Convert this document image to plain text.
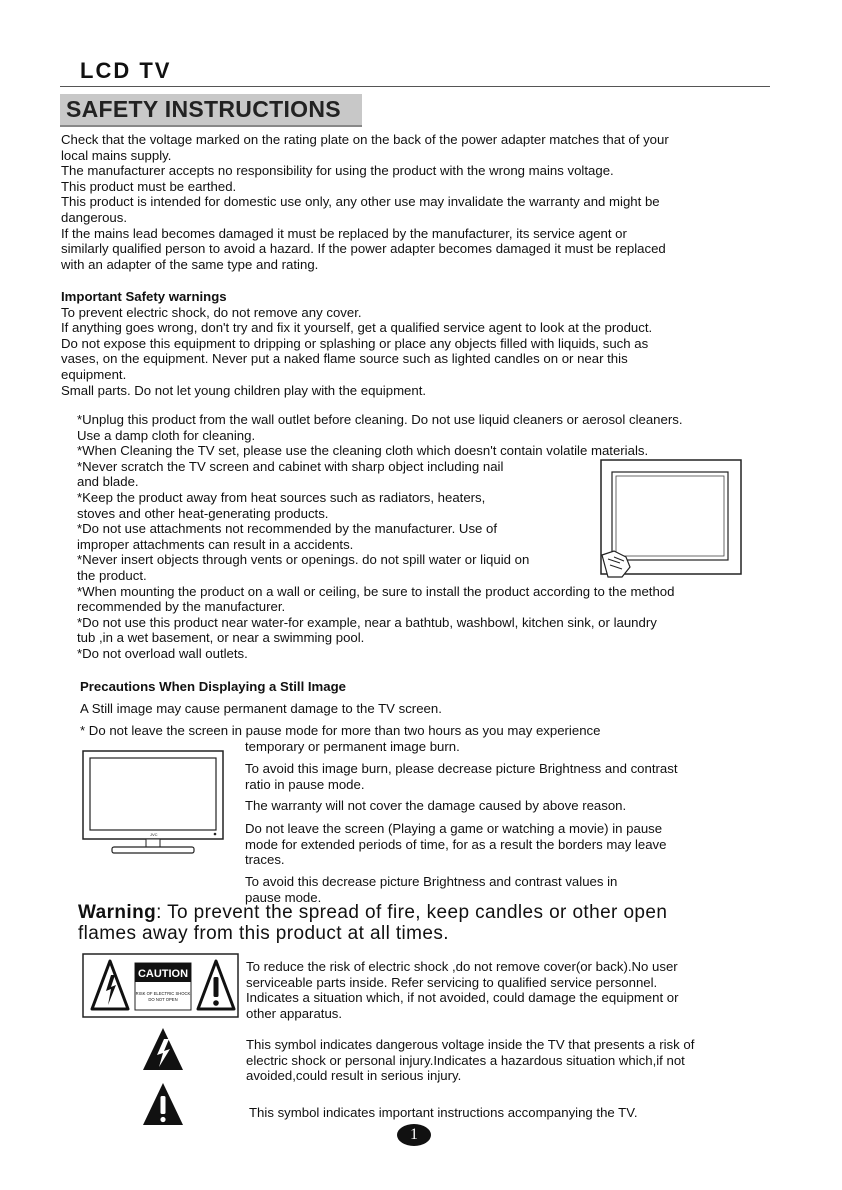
LCD TV
SAFETY INSTRUCTIONS
Check that the voltage marked on the rating plate on the back of the power adapter matches that of your
local mains supply.
The manufacturer accepts no responsibility for using the product with the wrong mains voltage.
This product must be earthed.
This product is intended for domestic use only, any other use may invalidate the warranty and might be
dangerous.
If the mains lead becomes damaged it must be replaced by the manufacturer, its service agent or
similarly qualified person to avoid a hazard. If the power adapter becomes damaged it must be replaced
with an adapter of the same type and rating.
Important Safety warnings
To prevent electric shock, do not remove any cover.
If anything goes wrong, don't try and fix it yourself, get a qualified service agent to look at the product.
Do not expose this equipment to dripping or splashing or place any objects filled with liquids, such as
vases, on the equipment. Never put a naked flame source such as lighted candles on or near this
equipment.
Small parts. Do not let young children play with the equipment.
*Unplug this product from the wall outlet before cleaning. Do not use liquid cleaners or aerosol cleaners.
Use a damp cloth for cleaning.
*When Cleaning the TV set, please use the cleaning cloth which doesn't contain volatile materials.
*Never scratch the TV screen and cabinet with sharp object including nail
and blade.
*Keep the product away from heat sources such as radiators, heaters,
stoves and other heat-generating products.
*Do not use attachments not recommended by the manufacturer. Use of
improper attachments can result in a accidents.
*Never insert objects through vents or openings. do not spill water or liquid on
the product.
*When mounting the product on a wall or ceiling, be sure to install the product according to the method
recommended by the manufacturer.
*Do not use this product near water-for example, near a bathtub, washbowl, kitchen sink, or laundry
tub ,in a wet basement, or near a swimming pool.
*Do not overload wall outlets.
Precautions When Displaying a Still Image
A Still image may cause permanent damage to the TV screen.
* Do not leave the screen in pause mode for more than two hours as you may experience
temporary or permanent image burn.
To avoid this image burn, please decrease picture Brightness and contrast
ratio in pause mode.
The warranty will not cover the damage caused by above reason.
Do not leave the screen (Playing a game or watching a movie) in pause
mode for extended periods of time, for as a result the borders may leave
traces.
To avoid this decrease picture Brightness and contrast values in
pause mode.
JVC
Warning: To prevent the spread of fire, keep candles or other open
flames away from this product at all times.
CAUTION
RISK OF ELECTRIC SHOCK
DO NOT OPEN
To reduce the risk of electric shock ,do not remove cover(or back).No user
serviceable parts inside. Refer servicing to qualified service personnel.
Indicates a situation which, if not avoided, could damage the equipment or
other apparatus.
This symbol indicates dangerous voltage inside the TV that presents a risk of
electric shock or personal injury.Indicates a hazardous situation which,if not
avoided,could result in serious injury.
This symbol indicates important instructions accompanying the TV.
1
